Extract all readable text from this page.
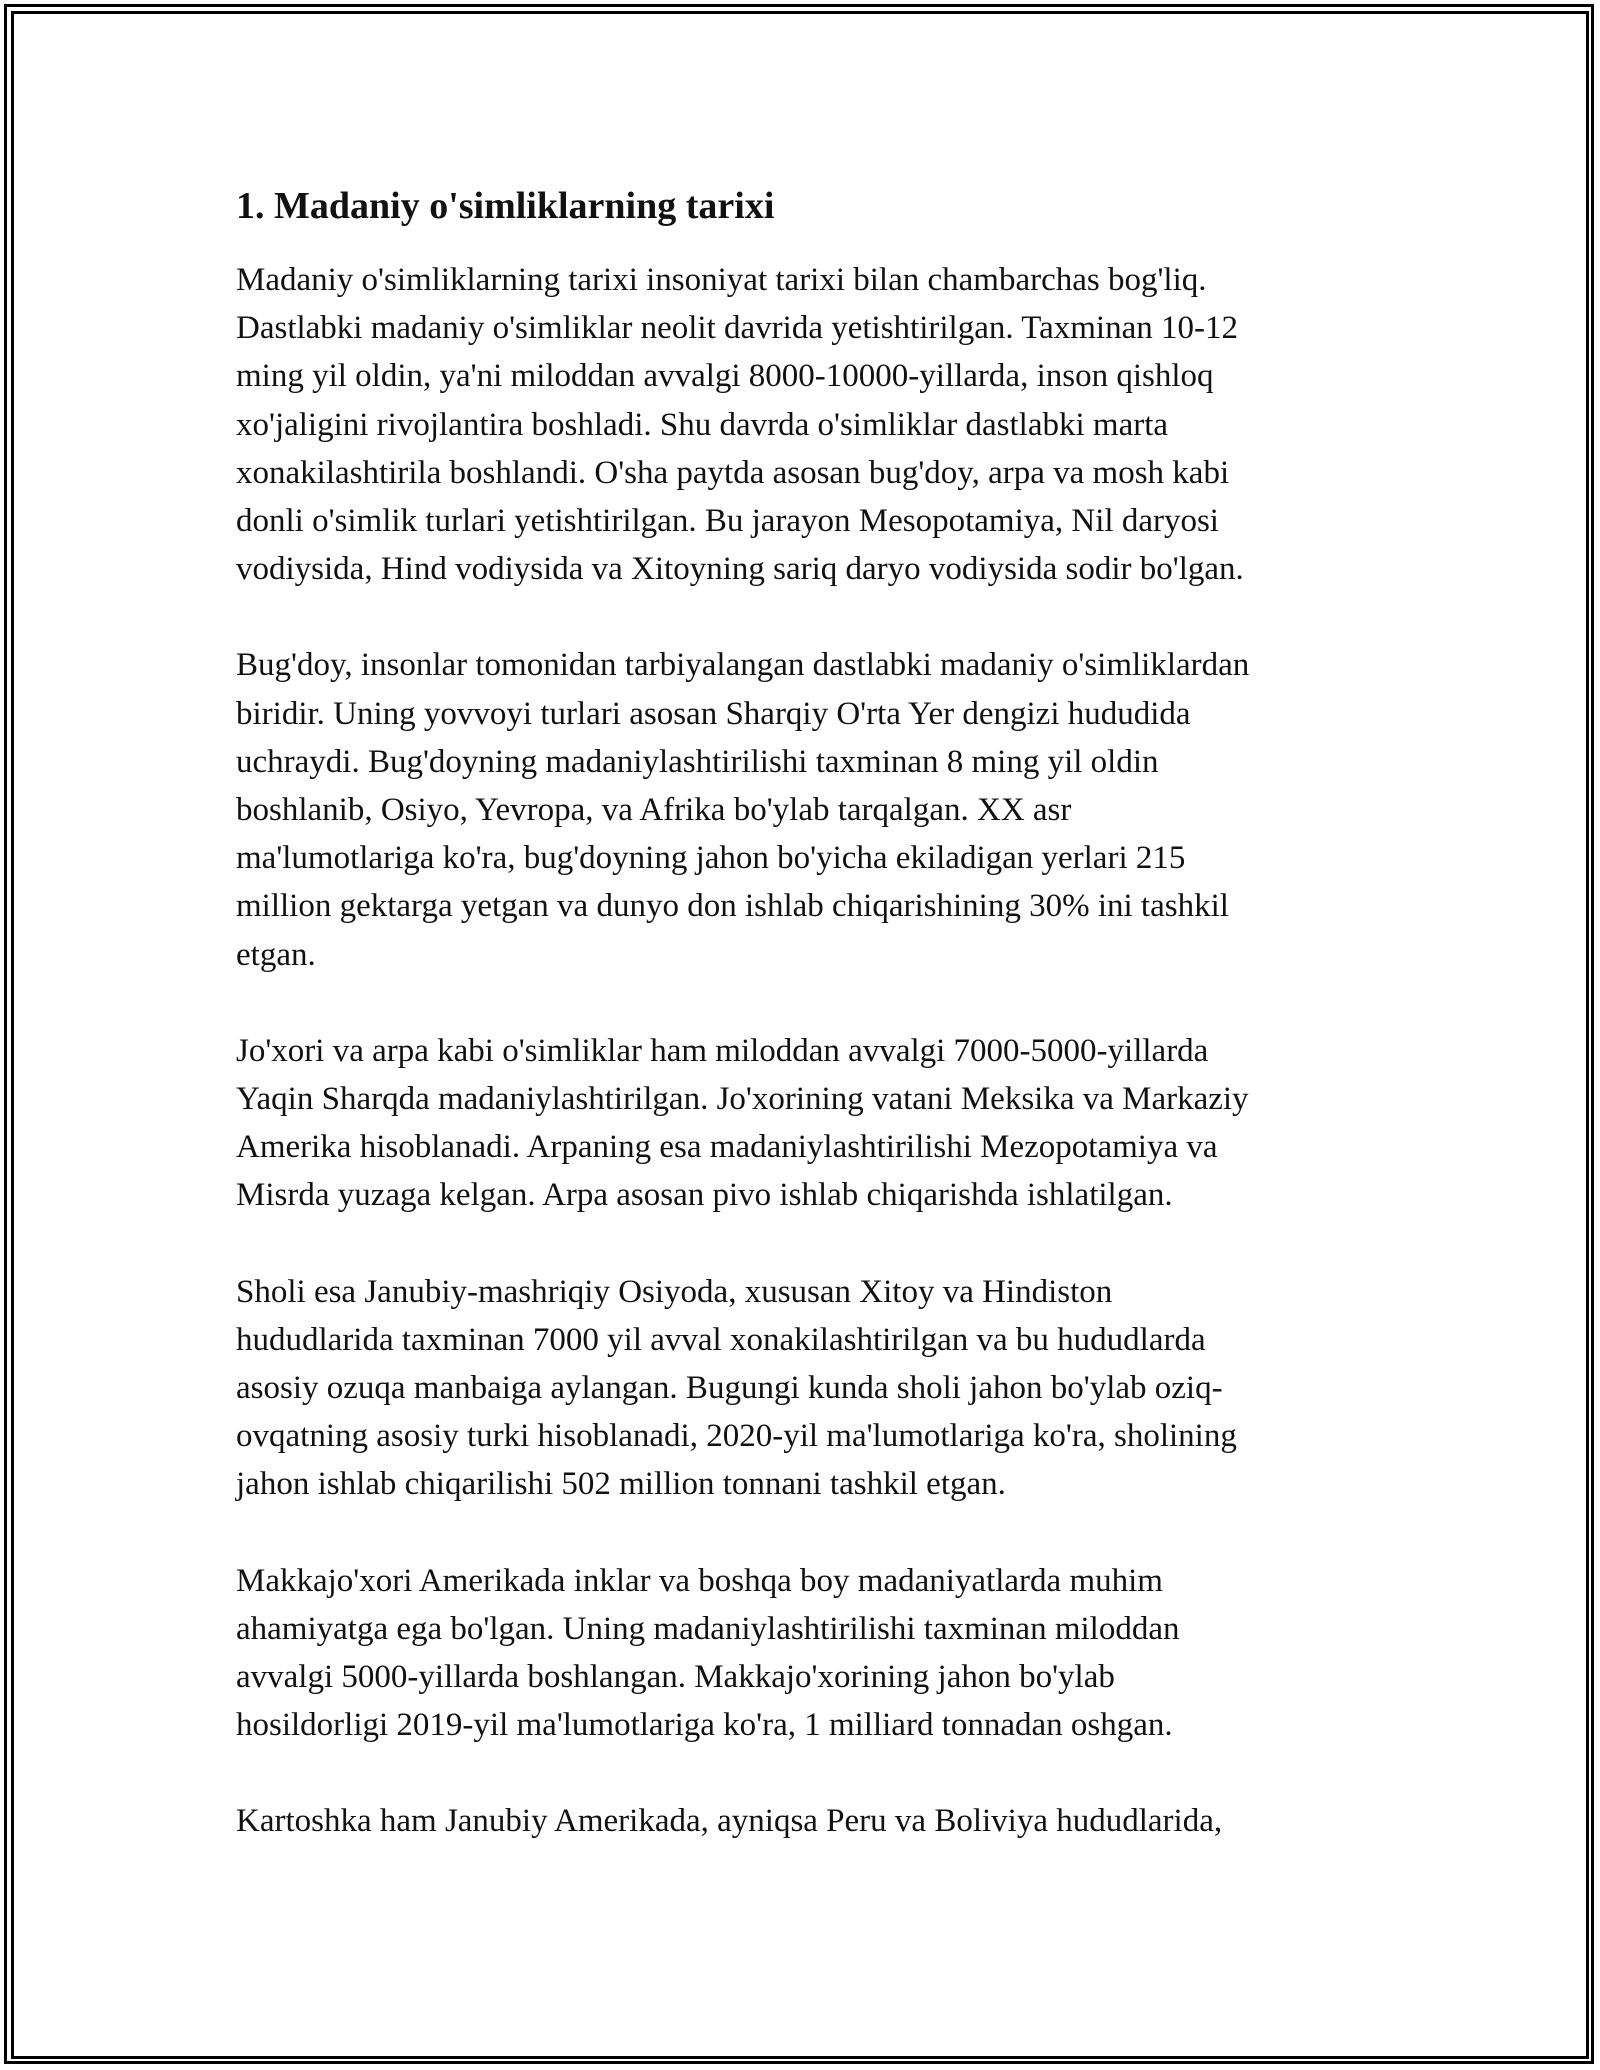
1. Madaniy o'simliklarning tarixi
Madaniy o'simliklarning tarixi insoniyat tarixi bilan chambarchas bog'liq.
Dastlabki madaniy o'simliklar neolit davrida yetishtirilgan. Taxminan 10-12
ming yil oldin, ya'ni miloddan avvalgi 8000-10000-yillarda, inson qishloq
xo'jaligini rivojlantira boshladi. Shu davrda o'simliklar dastlabki marta
xonakilashtirila boshlandi. O'sha paytda asosan bug'doy, arpa va mosh kabi
donli o'simlik turlari yetishtirilgan. Bu jarayon Mesopotamiya, Nil daryosi
vodiysida, Hind vodiysida va Xitoyning sariq daryo vodiysida sodir bo'lgan.
Bug'doy, insonlar tomonidan tarbiyalangan dastlabki madaniy o'simliklardan
biridir. Uning yovvoyi turlari asosan Sharqiy O'rta Yer dengizi hududida
uchraydi. Bug'doyning madaniylashtirilishi taxminan 8 ming yil oldin
boshlanib, Osiyo, Yevropa, va Afrika bo'ylab tarqalgan. XX asr
ma'lumotlariga ko'ra, bug'doyning jahon bo'yicha ekiladigan yerlari 215
million gektarga yetgan va dunyo don ishlab chiqarishining 30% ini tashkil
etgan.
Jo'xori va arpa kabi o'simliklar ham miloddan avvalgi 7000-5000-yillarda
Yaqin Sharqda madaniylashtirilgan. Jo'xorining vatani Meksika va Markaziy
Amerika hisoblanadi. Arpaning esa madaniylashtirilishi Mezopotamiya va
Misrda yuzaga kelgan. Arpa asosan pivo ishlab chiqarishda ishlatilgan.
Sholi esa Janubiy-mashriqiy Osiyoda, xususan Xitoy va Hindiston
hududlarida taxminan 7000 yil avval xonakilashtirilgan va bu hududlarda
asosiy ozuqa manbaiga aylangan. Bugungi kunda sholi jahon bo'ylab oziq-
ovqatning asosiy turki hisoblanadi, 2020-yil ma'lumotlariga ko'ra, sholining
jahon ishlab chiqarilishi 502 million tonnani tashkil etgan.
Makkajo'xori Amerikada inklar va boshqa boy madaniyatlarda muhim
ahamiyatga ega bo'lgan. Uning madaniylashtirilishi taxminan miloddan
avvalgi 5000-yillarda boshlangan. Makkajo'xorining jahon bo'ylab
hosildorligi 2019-yil ma'lumotlariga ko'ra, 1 milliard tonnadan oshgan.
Kartoshka ham Janubiy Amerikada, ayniqsa Peru va Boliviya hududlarida,
